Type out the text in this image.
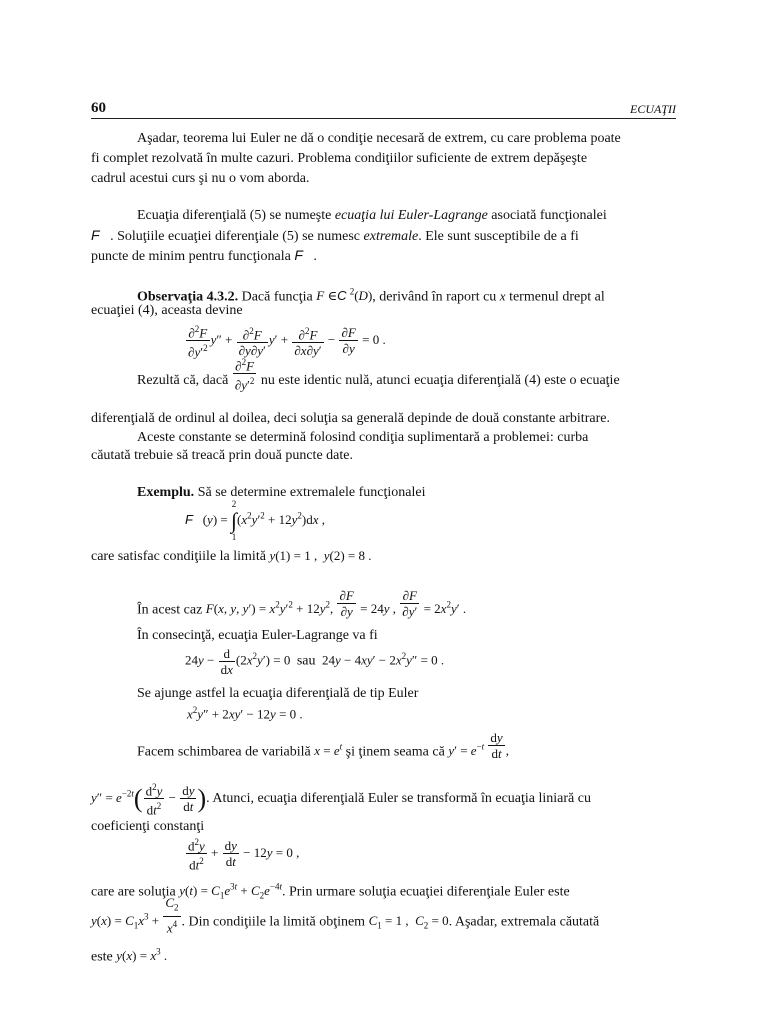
60	ECUAŢII
Aşadar, teorema lui Euler ne dă o condiţie necesară de extrem, cu care problema poate
fi complet rezolvată în multe cazuri. Problema condiţiilor suficiente de extrem depăşeşte
cadrul acestui curs şi nu o vom aborda.
Ecuaţia diferenţială (5) se numeşte ecuaţia lui Euler-Lagrange asociată funcţionalei
F . Soluţiile ecuaţiei diferenţiale (5) se numesc extremale. Ele sunt susceptibile de a fi
puncte de minim pentru funcţionala F   .
Observaţia 4.3.2. Dacă funcţia F ∈C $^2$(D), derivând în raport cu x termenul drept al
ecuaţiei (4), aceasta devine
$\frac{\partial^2F}{\partial y'^2} y'' + \frac{\partial^2F}{\partial y\partial y'} y' + \frac{\partial^2F}{\partial x\partial y'} - \frac{\partial F}{\partial y} = 0$ .
Rezultă că, dacă $\frac{\partial^2F}{\partial y'^2}$ nu este identic nulă, atunci ecuaţia diferenţială (4) este o ecuaţie
diferenţială de ordinul al doilea, deci soluţia sa generală depinde de două constante arbitrare.
Aceste constante se determină folosind condiţia suplimentară a problemei: curba
căutată trebuie să treacă prin două puncte date.
Exemplu. Să se determine extremalele funcţionalei
F   (y) = 2
∫
$1(x^2y'^2 + 12y^2)dx$ ,
care satisfac condiţiile la limită y(1) = 1 ,  y(2) = 8 .
În acest caz F(x, y, $y') = x^2y'^2 + 12y^2$, $\frac{\partial F}{\partial y} = 24y$ , $\frac{\partial F}{\partial y'} = 2x^2y'$ .
În consecinţă, ecuaţia Euler-Lagrange va fi
$24y - \frac{d}{dx} (2x^2y') = 0$  sau  $24y - 4xy' - 2x^2y'' = 0$ .
Se ajunge astfel la ecuaţia diferenţială de tip Euler
$x^2y'' + 2xy' - 12y = 0$ .
Facem schimbarea de variabilă $x = e^t$ şi ţinem seama că $y' = e^{-t} \frac{dy}{dt}$ ,
$y'' = e^{-2t}( \frac{d^2y}{dt^2} - \frac{dy}{dt}$ ). Atunci, ecuaţia diferenţială Euler se transformă în ecuaţia liniară cu
coeficienţi constanţi
$\frac{d^2y}{dt^2} + \frac{dy}{dt} - 12y = 0$ ,
care are soluţia $y(t) = C_1e^{3t} + C_2e^{-4t}$. Prin urmare soluţia ecuaţiei diferenţiale Euler este
$y(x) = C_1x^3 + \frac{C_2}{x^4}$ . Din condiţiile la limită obţinem $C_1 = 1$ ,  $C_2 = 0$. Aşadar, extremala căutată
este $y(x) = x^3$ .
